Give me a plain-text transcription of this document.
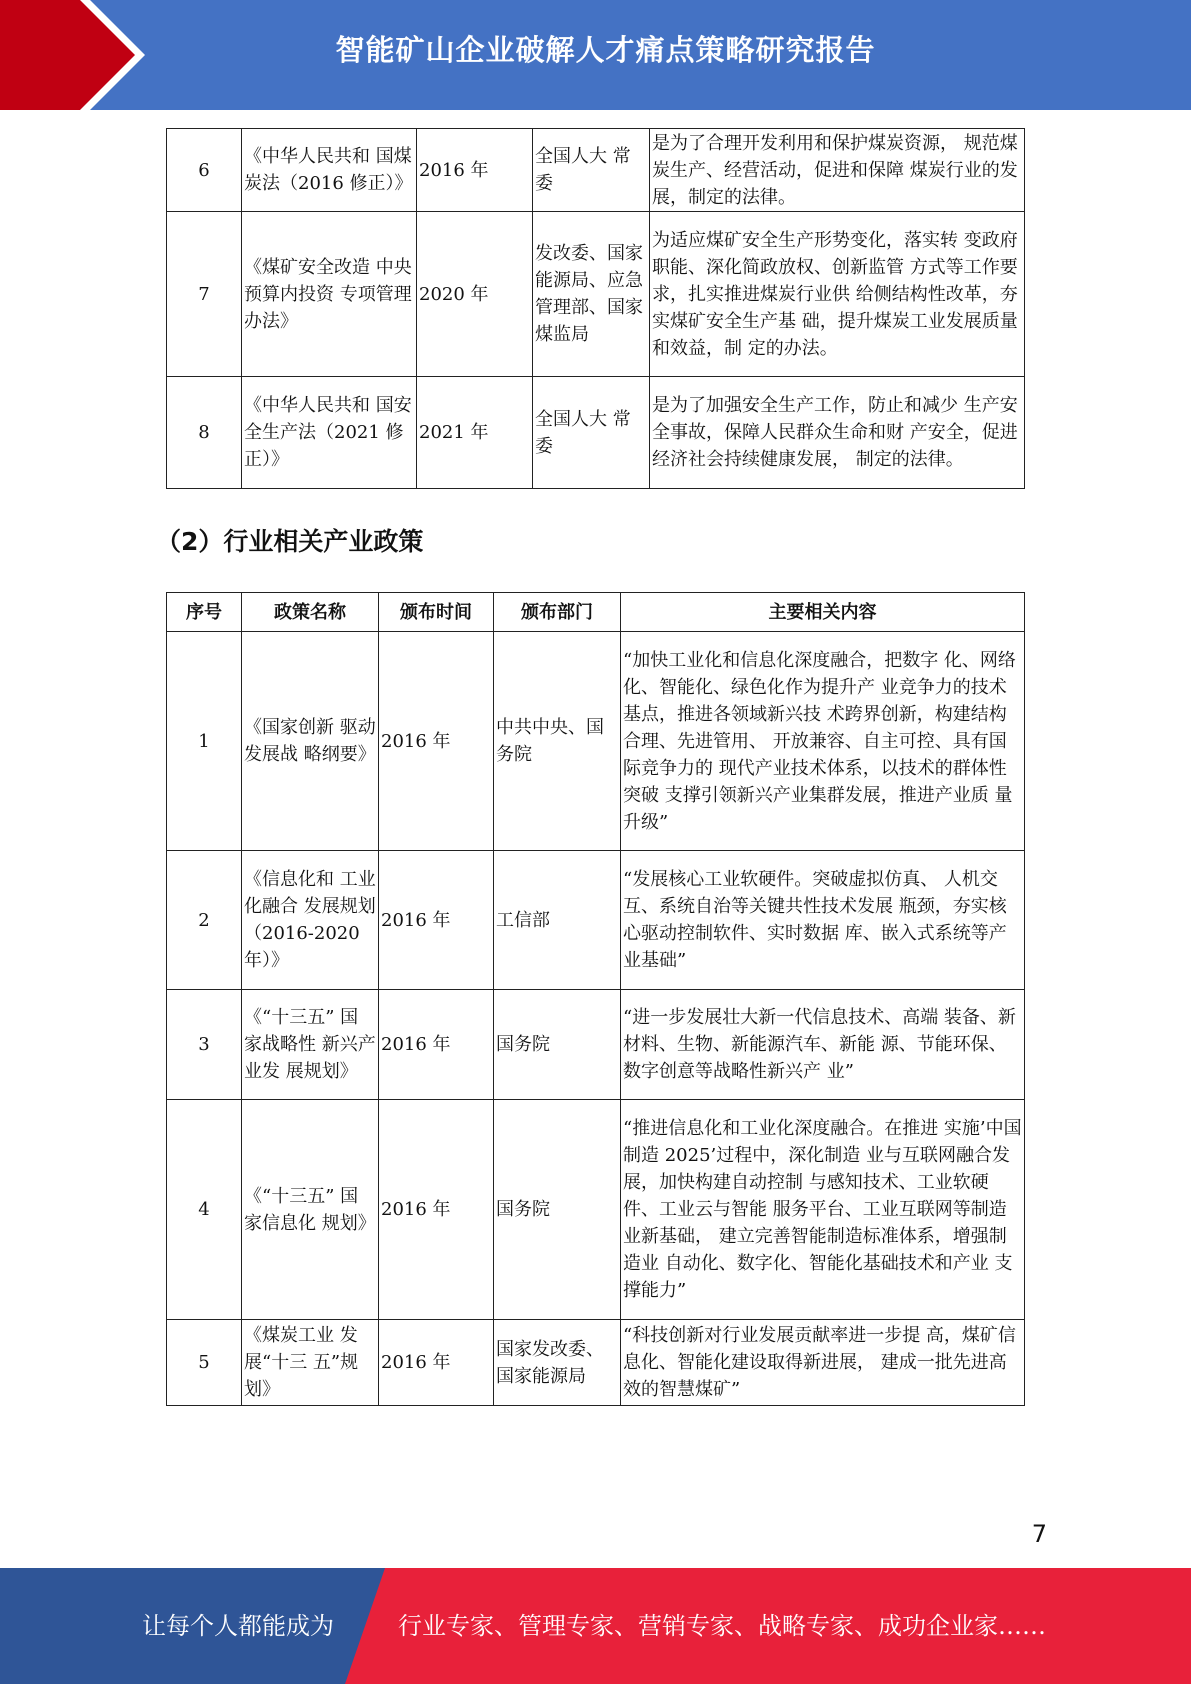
智能矿山企业破解人才痛点策略研究报告
6	《中华人民共和 国煤炭法（2016 修正）》	2016 年	全国人大 常委	是为了合理开发利用和保护煤炭资源， 规范煤炭生产、经营活动，促进和保障 煤炭行业的发展，制定的法律。
7	《煤矿安全改造 中央预算内投资 专项管理办法》	2020 年	发改委、国家能源局、应急管理部、国家煤监局	为适应煤矿安全生产形势变化，落实转 变政府职能、深化简政放权、创新监管 方式等工作要求，扎实推进煤炭行业供 给侧结构性改革，夯实煤矿安全生产基 础，提升煤炭工业发展质量和效益，制 定的办法。
8	《中华人民共和 国安全生产法（2021 修正）》	2021 年	全国人大 常委	是为了加强安全生产工作，防止和减少 生产安全事故，保障人民群众生命和财 产安全，促进经济社会持续健康发展， 制定的法律。
（2）行业相关产业政策
序号	政策名称	颁布时间	颁布部门	主要相关内容
1	《国家创新 驱动发展战 略纲要》	2016 年	中共中央、国务院	“加快工业化和信息化深度融合，把数字 化、网络化、智能化、绿色化作为提升产 业竞争力的技术基点，推进各领域新兴技 术跨界创新，构建结构合理、先进管用、 开放兼容、自主可控、具有国际竞争力的 现代产业技术体系，以技术的群体性突破 支撑引领新兴产业集群发展，推进产业质 量升级”
2	《信息化和 工业化融合 发展规划（2016-2020 年）》	2016 年	工信部	“发展核心工业软硬件。突破虚拟仿真、 人机交互、系统自治等关键共性技术发展 瓶颈，夯实核心驱动控制软件、实时数据 库、嵌入式系统等产业基础”
3	《“十三五” 国家战略性 新兴产业发 展规划》	2016 年	国务院	“进一步发展壮大新一代信息技术、高端 装备、新材料、生物、新能源汽车、新能 源、节能环保、数字创意等战略性新兴产 业”
4	《“十三五” 国家信息化 规划》	2016 年	国务院	“推进信息化和工业化深度融合。在推进 实施’中国制造 2025’过程中，深化制造 业与互联网融合发展，加快构建自动控制 与感知技术、工业软硬件、工业云与智能 服务平台、工业互联网等制造业新基础， 建立完善智能制造标准体系，增强制造业 自动化、数字化、智能化基础技术和产业 支撑能力”
5	《煤炭工业 发展“十三 五”规划》	2016 年	国家发改委、国家能源局	“科技创新对行业发展贡献率进一步提 高，煤矿信息化、智能化建设取得新进展， 建成一批先进高效的智慧煤矿”
7
让每个人都能成为	行业专家、管理专家、营销专家、战略专家、成功企业家……
